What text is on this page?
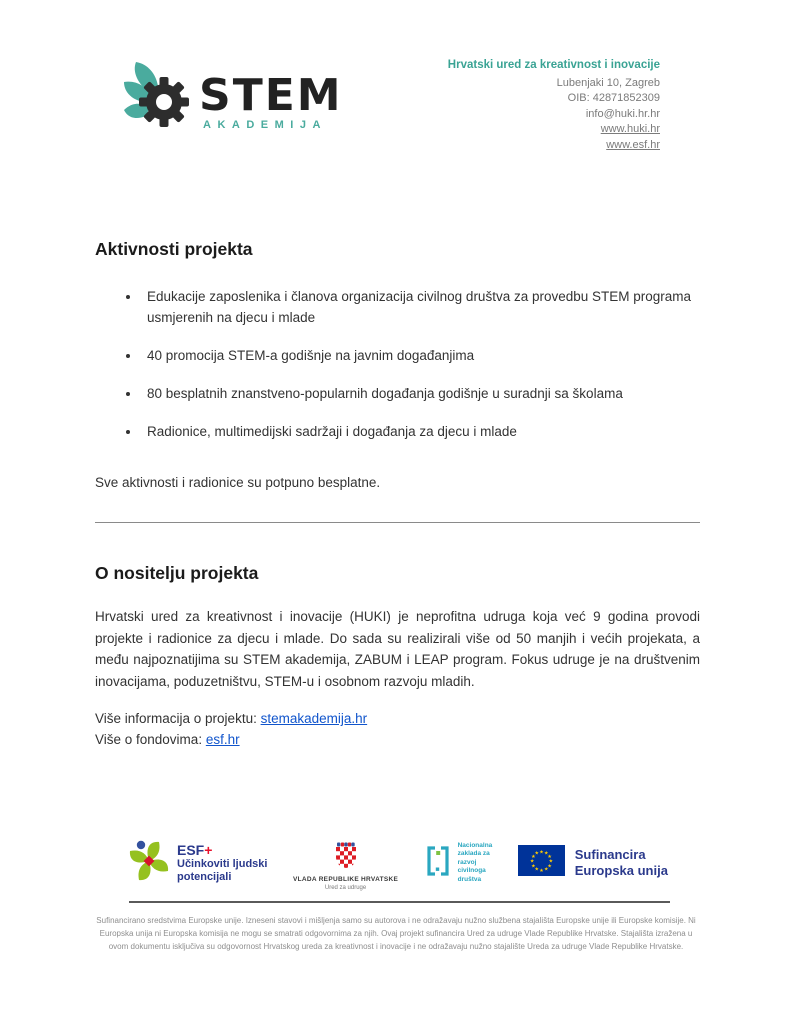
STEM
AKADEMIJA
Hrvatski ured za kreativnost i inovacije
Lubenjaki 10, Zagreb
OIB: 42871852309
info@huki.hr.hr
www.huki.hr
www.esf.hr
Aktivnosti projekta
• Edukacije zaposlenika i članova organizacija civilnog društva za provedbu STEM programa usmjerenih na djecu i mlade
• 40 promocija STEM-a godišnje na javnim događanjima
• 80 besplatnih znanstveno-popularnih događanja godišnje u suradnji sa školama
• Radionice, multimedijski sadržaji i događanja za djecu i mlade

Sve aktivnosti i radionice su potpuno besplatne.

O nositelju projekta

Hrvatski ured za kreativnost i inovacije (HUKI) je neprofitna udruga koja već 9 godina provodi projekte i radionice za djecu i mlade. Do sada su realizirali više od 50 manjih i većih projekata, a među najpoznatijima su STEM akademija, ZABUM i LEAP program. Fokus udruge je na društvenim inovacijama, poduzetništvu, STEM-u i osobnom razvoju mladih.

Više informacija o projektu: stemakademija.hr

Više o fondovima: esf.hr

ESF+
Učinkoviti ljudski
potencijali	VLADA REPUBLIKE HRVATSKE
Ured za udruge
Nacionalna
zaklada za
razvoj
civilnoga
društva
★ ★
★
★
★
★
★
★
★
★
★
★	Sufinancira
Europska unija
Sufinancirano sredstvima Europske unije. Izneseni stavovi i mišljenja samo su autorova i ne odražavaju nužno službena stajališta Europske unije ili Europske komisije. Ni
Europska unija ni Europska komisija ne mogu se smatrati odgovornima za njih. Ovaj projekt sufinancira Ured za udruge Vlade Republike Hrvatske. Stajališta izražena u
ovom dokumentu isključiva su odgovornost Hrvatskog ureda za kreativnost i inovacije i ne odražavaju nužno stajalište Ureda za udruge Vlade Republike Hrvatske.
